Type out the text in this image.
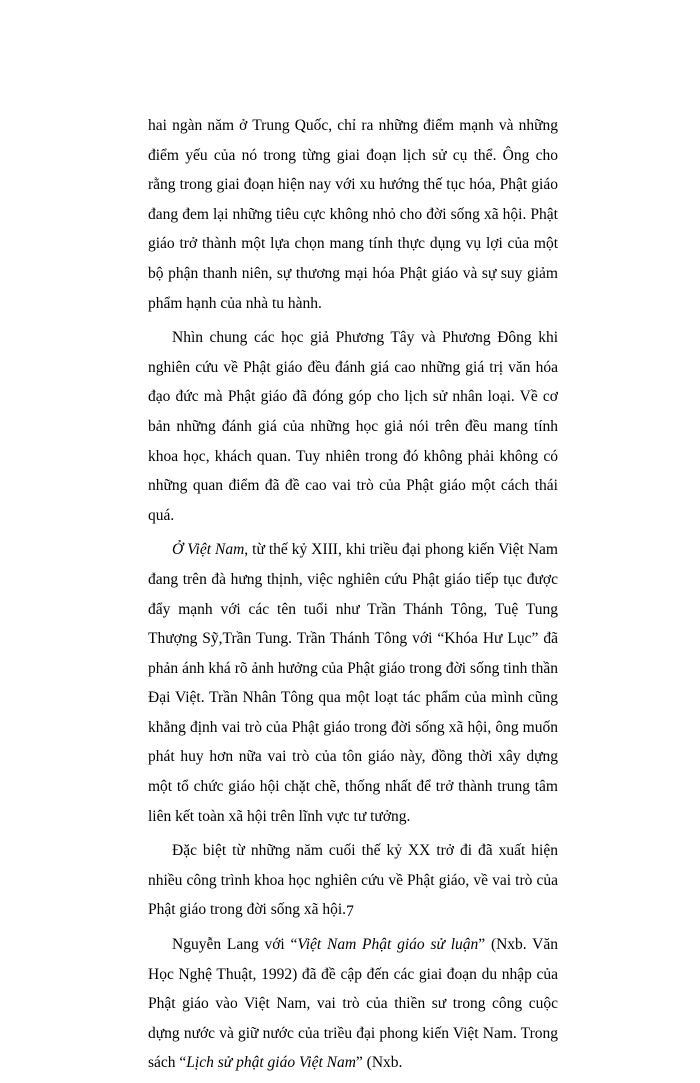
hai ngàn năm ở Trung Quốc, chỉ ra những điểm mạnh và những điểm yếu của nó trong từng giai đoạn lịch sử cụ thể. Ông cho rằng trong giai đoạn hiện nay với xu hướng thế tục hóa, Phật giáo đang đem lại những tiêu cực không nhỏ cho đời sống xã hội. Phật giáo trở thành một lựa chọn mang tính thực dụng vụ lợi của một bộ phận thanh niên, sự thương mại hóa Phật giáo và sự suy giảm phẩm hạnh của nhà tu hành.

Nhìn chung các học giả Phương Tây và Phương Đông khi nghiên cứu về Phật giáo đều đánh giá cao những giá trị văn hóa đạo đức mà Phật giáo đã đóng góp cho lịch sử nhân loại. Về cơ bản những đánh giá của những học giả nói trên đều mang tính khoa học, khách quan. Tuy nhiên trong đó không phải không có những quan điểm đã đề cao vai trò của Phật giáo một cách thái quá.

Ở Việt Nam, từ thế kỷ XIII, khi triều đại phong kiến Việt Nam đang trên đà hưng thịnh, việc nghiên cứu Phật giáo tiếp tục được đẩy mạnh với các tên tuổi như Trần Thánh Tông, Tuệ Tung Thượng Sỹ,Trần Tung. Trần Thánh Tông với “Khóa Hư Lục” đã phản ánh khá rõ ảnh hưởng của Phật giáo trong đời sống tinh thần Đại Việt. Trần Nhân Tông qua một loạt tác phẩm của mình cũng khẳng định vai trò của Phật giáo trong đời sống xã hội, ông muốn phát huy hơn nữa vai trò của tôn giáo này, đồng thời xây dựng một tổ chức giáo hội chặt chẽ, thống nhất để trở thành trung tâm liên kết toàn xã hội trên lĩnh vực tư tưởng.

Đặc biệt từ những năm cuối thế kỷ XX trở đi đã xuất hiện nhiều công trình khoa học nghiên cứu về Phật giáo, về vai trò của Phật giáo trong đời sống xã hội.

Nguyễn Lang với “Việt Nam Phật giáo sử luận” (Nxb. Văn Học Nghệ Thuật, 1992) đã đề cập đến các giai đoạn du nhập của Phật giáo vào Việt Nam, vai trò của thiền sư trong công cuộc dựng nước và giữ nước của triều đại phong kiến Việt Nam. Trong sách “Lịch sử phật giáo Việt Nam” (Nxb.

7
